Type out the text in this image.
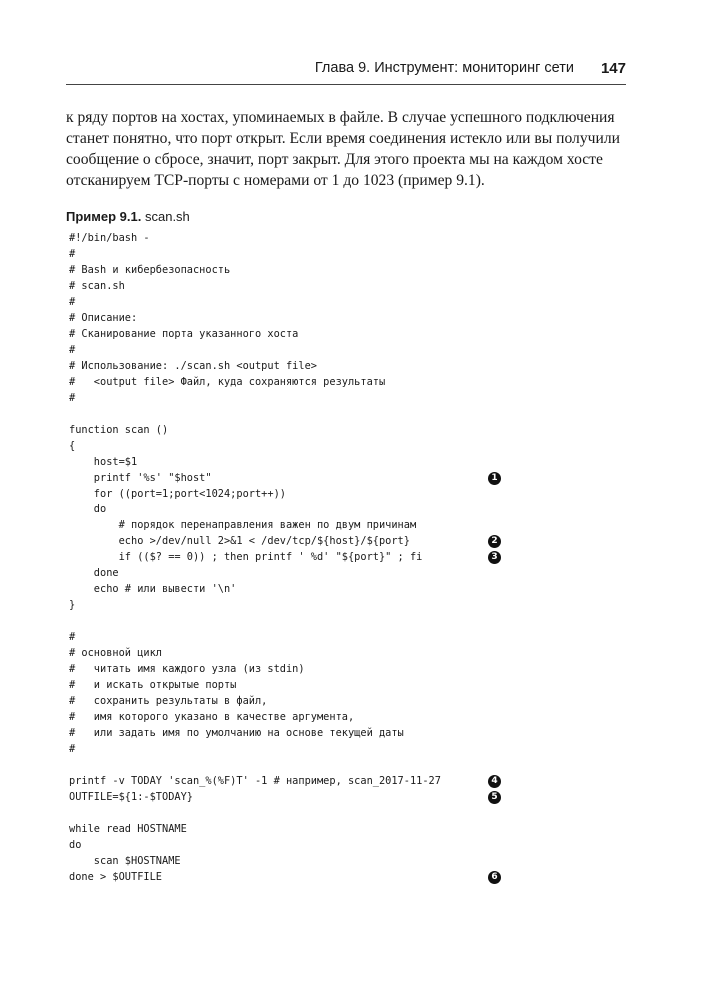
Глава 9. Инструмент: мониторинг сети 147
к ряду портов на хостах, упоминаемых в файле. В случае успешного подключения
станет понятно, что порт открыт. Если время соединения истекло или вы получили
сообщение о сбросе, значит, порт закрыт. Для этого проекта мы на каждом хосте
отсканируем TCP-порты с номерами от 1 до 1023 (пример 9.1).
Пример 9.1. scan.sh
#!/bin/bash -
#
# Bash и кибербезопасность
# scan.sh
#
# Описание:
# Сканирование порта указанного хоста
#
# Использование: ./scan.sh <output file>
#   <output file> Файл, куда сохраняются результаты
#
function scan ()
{
host=$1
printf '%s' "$host"	1
for ((port=1;port<1024;port++))
do
# порядок перенаправления важен по двум причинам
echo >/dev/null 2>&1 < /dev/tcp/${host}/${port}	2
if (($? == 0)) ; then printf ' %d' "${port}" ; fi	3
done
echo # или вывести '\n'
}
#
# основной цикл
#   читать имя каждого узла (из stdin)
#   и искать открытые порты
#   сохранить результаты в файл,
#   имя которого указано в качестве аргумента,
#   или задать имя по умолчанию на основе текущей даты
#
printf -v TODAY 'scan_%(%F)T' -1 # например, scan_2017-11-27	4
OUTFILE=${1:-$TODAY}	5
while read HOSTNAME
do
scan $HOSTNAME
done > $OUTFILE	6
